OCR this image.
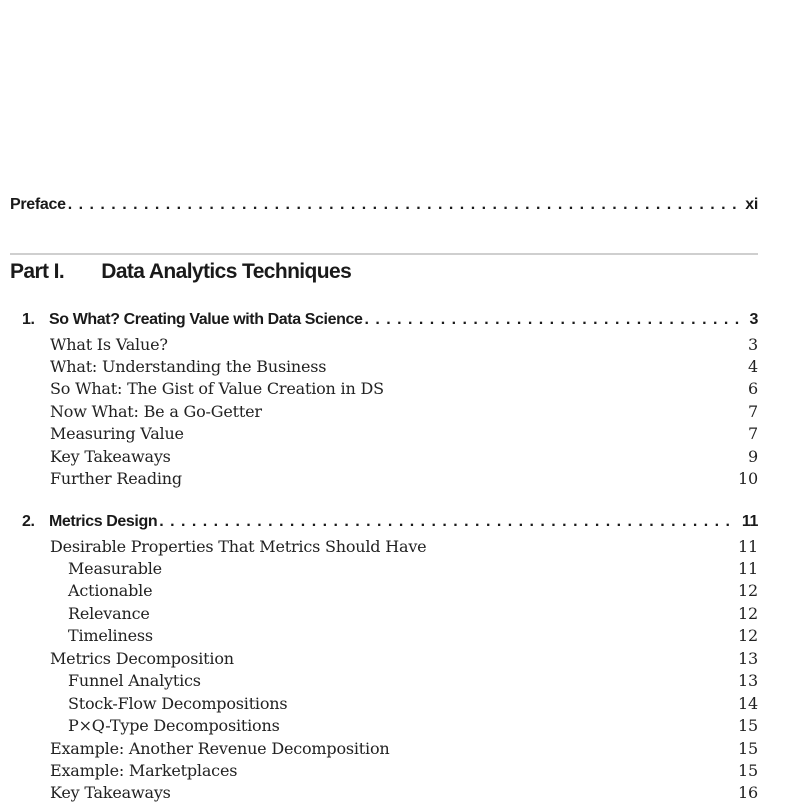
Preface . . .	xi
Part I. Data Analytics Techniques
1. So What? Creating Value with Data Science . . .	3
What Is Value?	3
What: Understanding the Business	4
So What: The Gist of Value Creation in DS	6
Now What: Be a Go-Getter	7
Measuring Value	7
Key Takeaways	9
Further Reading	10
2. Metrics Design . . .	11
Desirable Properties That Metrics Should Have	11
Measurable	11
Actionable	12
Relevance	12
Timeliness	12
Metrics Decomposition	13
Funnel Analytics	13
Stock-Flow Decompositions	14
P×Q-Type Decompositions	15
Example: Another Revenue Decomposition	15
Example: Marketplaces	15
Key Takeaways	16
